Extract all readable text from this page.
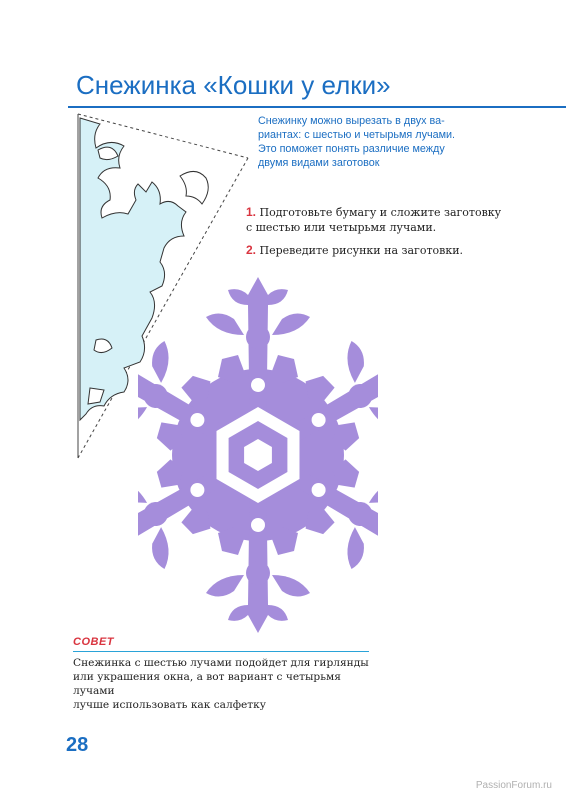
Снежинка «Кошки у елки»
Снежинку можно вырезать в двух ва-
риантах: с шестью и четырьмя лучами.
Это поможет понять различие между
двумя видами заготовок
1. Подготовьте бумагу и сложите заготовку
с шестью или четырьмя лучами.
2. Переведите рисунки на заготовки.
СОВЕТ
Снежинка с шестью лучами подойдет для гирлянды
или украшения окна, а вот вариант с четырьмя лучами
лучше использовать как салфетку
28
PassionForum.ru
